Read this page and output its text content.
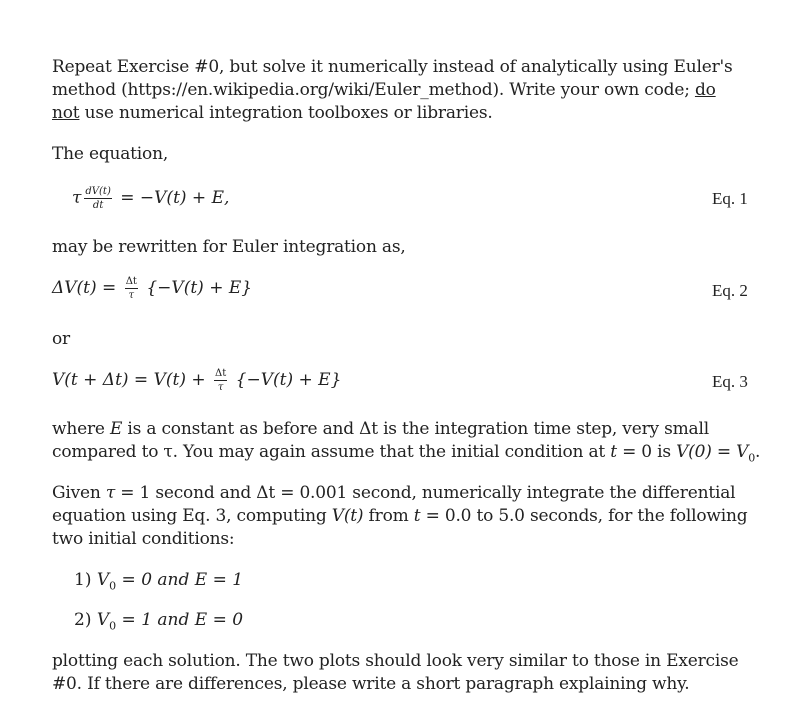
Repeat Exercise #0, but solve it numerically instead of analytically using Euler's method (https://en.wikipedia.org/wiki/Euler_method). Write your own code; do
not use numerical integration toolboxes or libraries.
The equation,
τ $\frac{dV(t)}{dt} = -V(t) + E$,	Eq. 1
may be rewritten for Euler integration as,
$\Delta V(t) = \frac{\Delta t}{\tau} \{-V(t) + E\}$	Eq. 2
or
$V(t + \Delta t) = V(t) + \frac{\Delta t}{\tau} \{-V(t) + E\}$	Eq. 3
where E is a constant as before and Δt is the integration time step, very small compared to τ. You may again assume that the initial condition at t = 0 is $V(0) = V_0$.
Given τ = 1 second and Δt = 0.001 second, numerically integrate the differential equation using Eq. 3, computing V(t) from t = 0.0 to 5.0 seconds, for the following two initial conditions:
1) $V_0 = 0$ and E = 1
2) $V_0 = 1$ and E = 0
plotting each solution. The two plots should look very similar to those in Exercise #0. If there are differences, please write a short paragraph explaining why.
